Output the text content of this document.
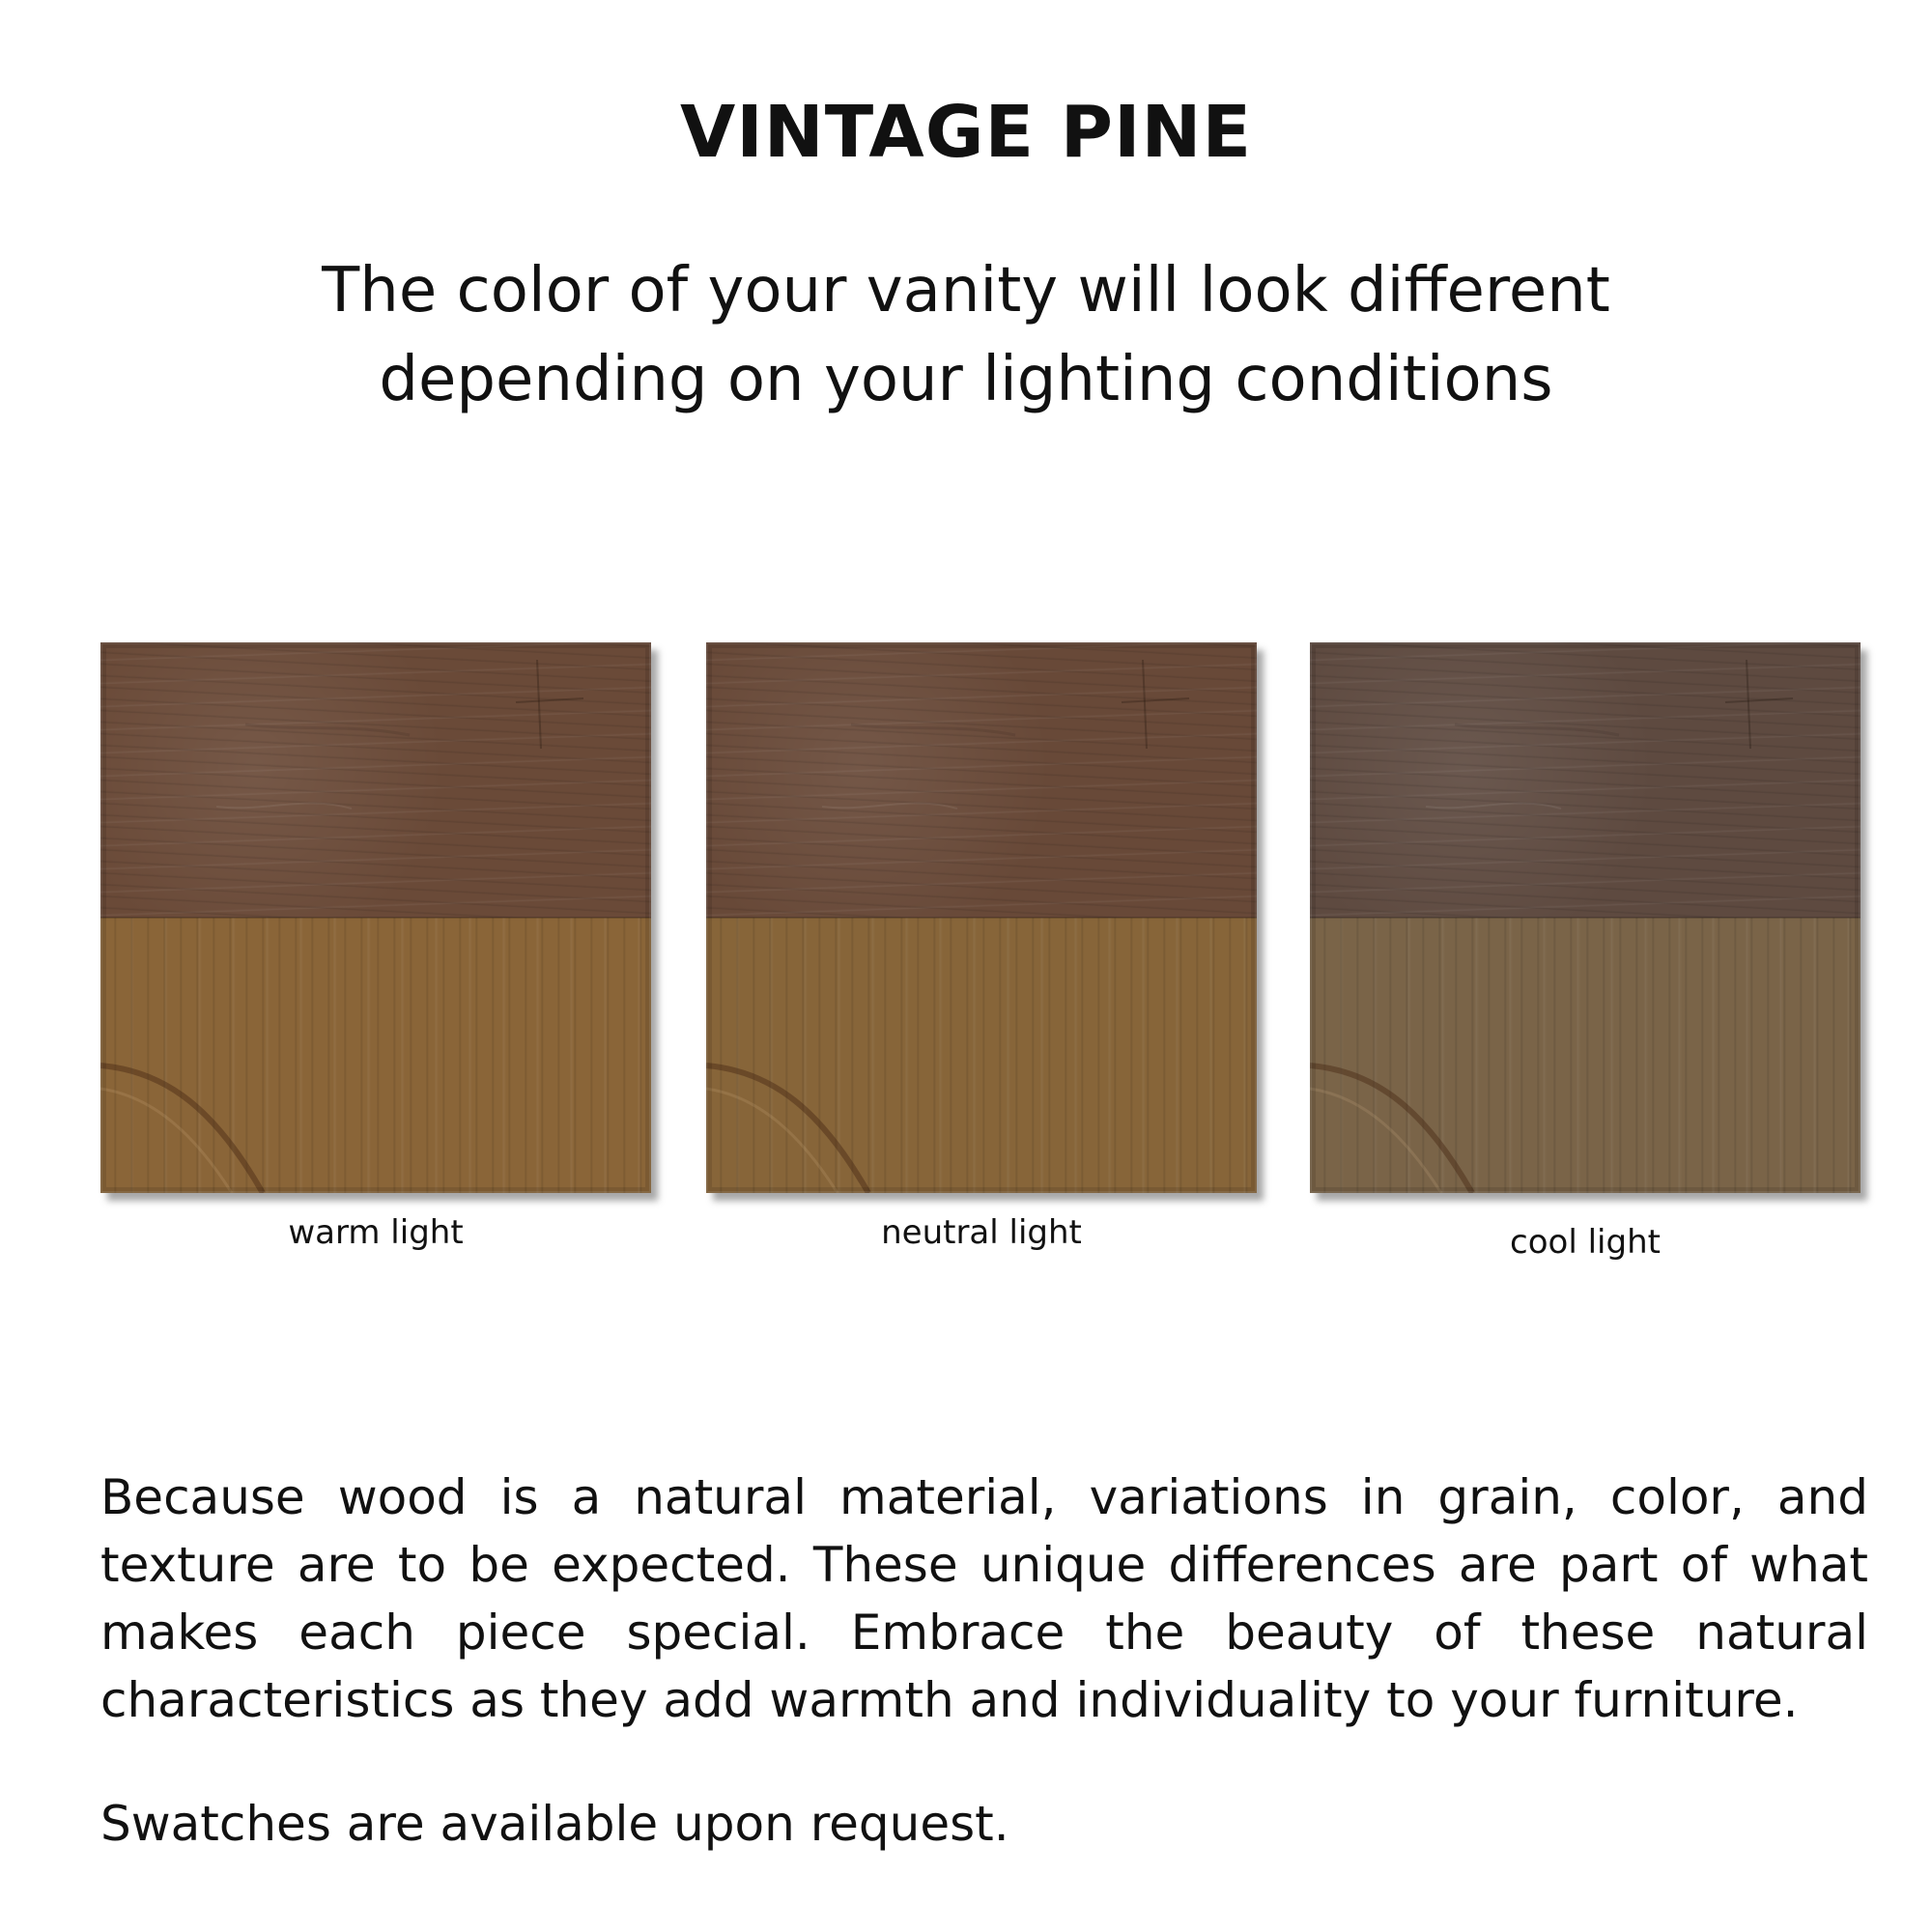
VINTAGE PINE
The color of your vanity will look different
depending on your lighting conditions
warm light	neutral light	cool light
Because wood is a natural material, variations in grain, color, and texture are to be expected. These unique differences are part of what makes each piece special. Embrace the beauty of these natural characteristics as they add warmth and individuality to your furniture.
Swatches are available upon request.
